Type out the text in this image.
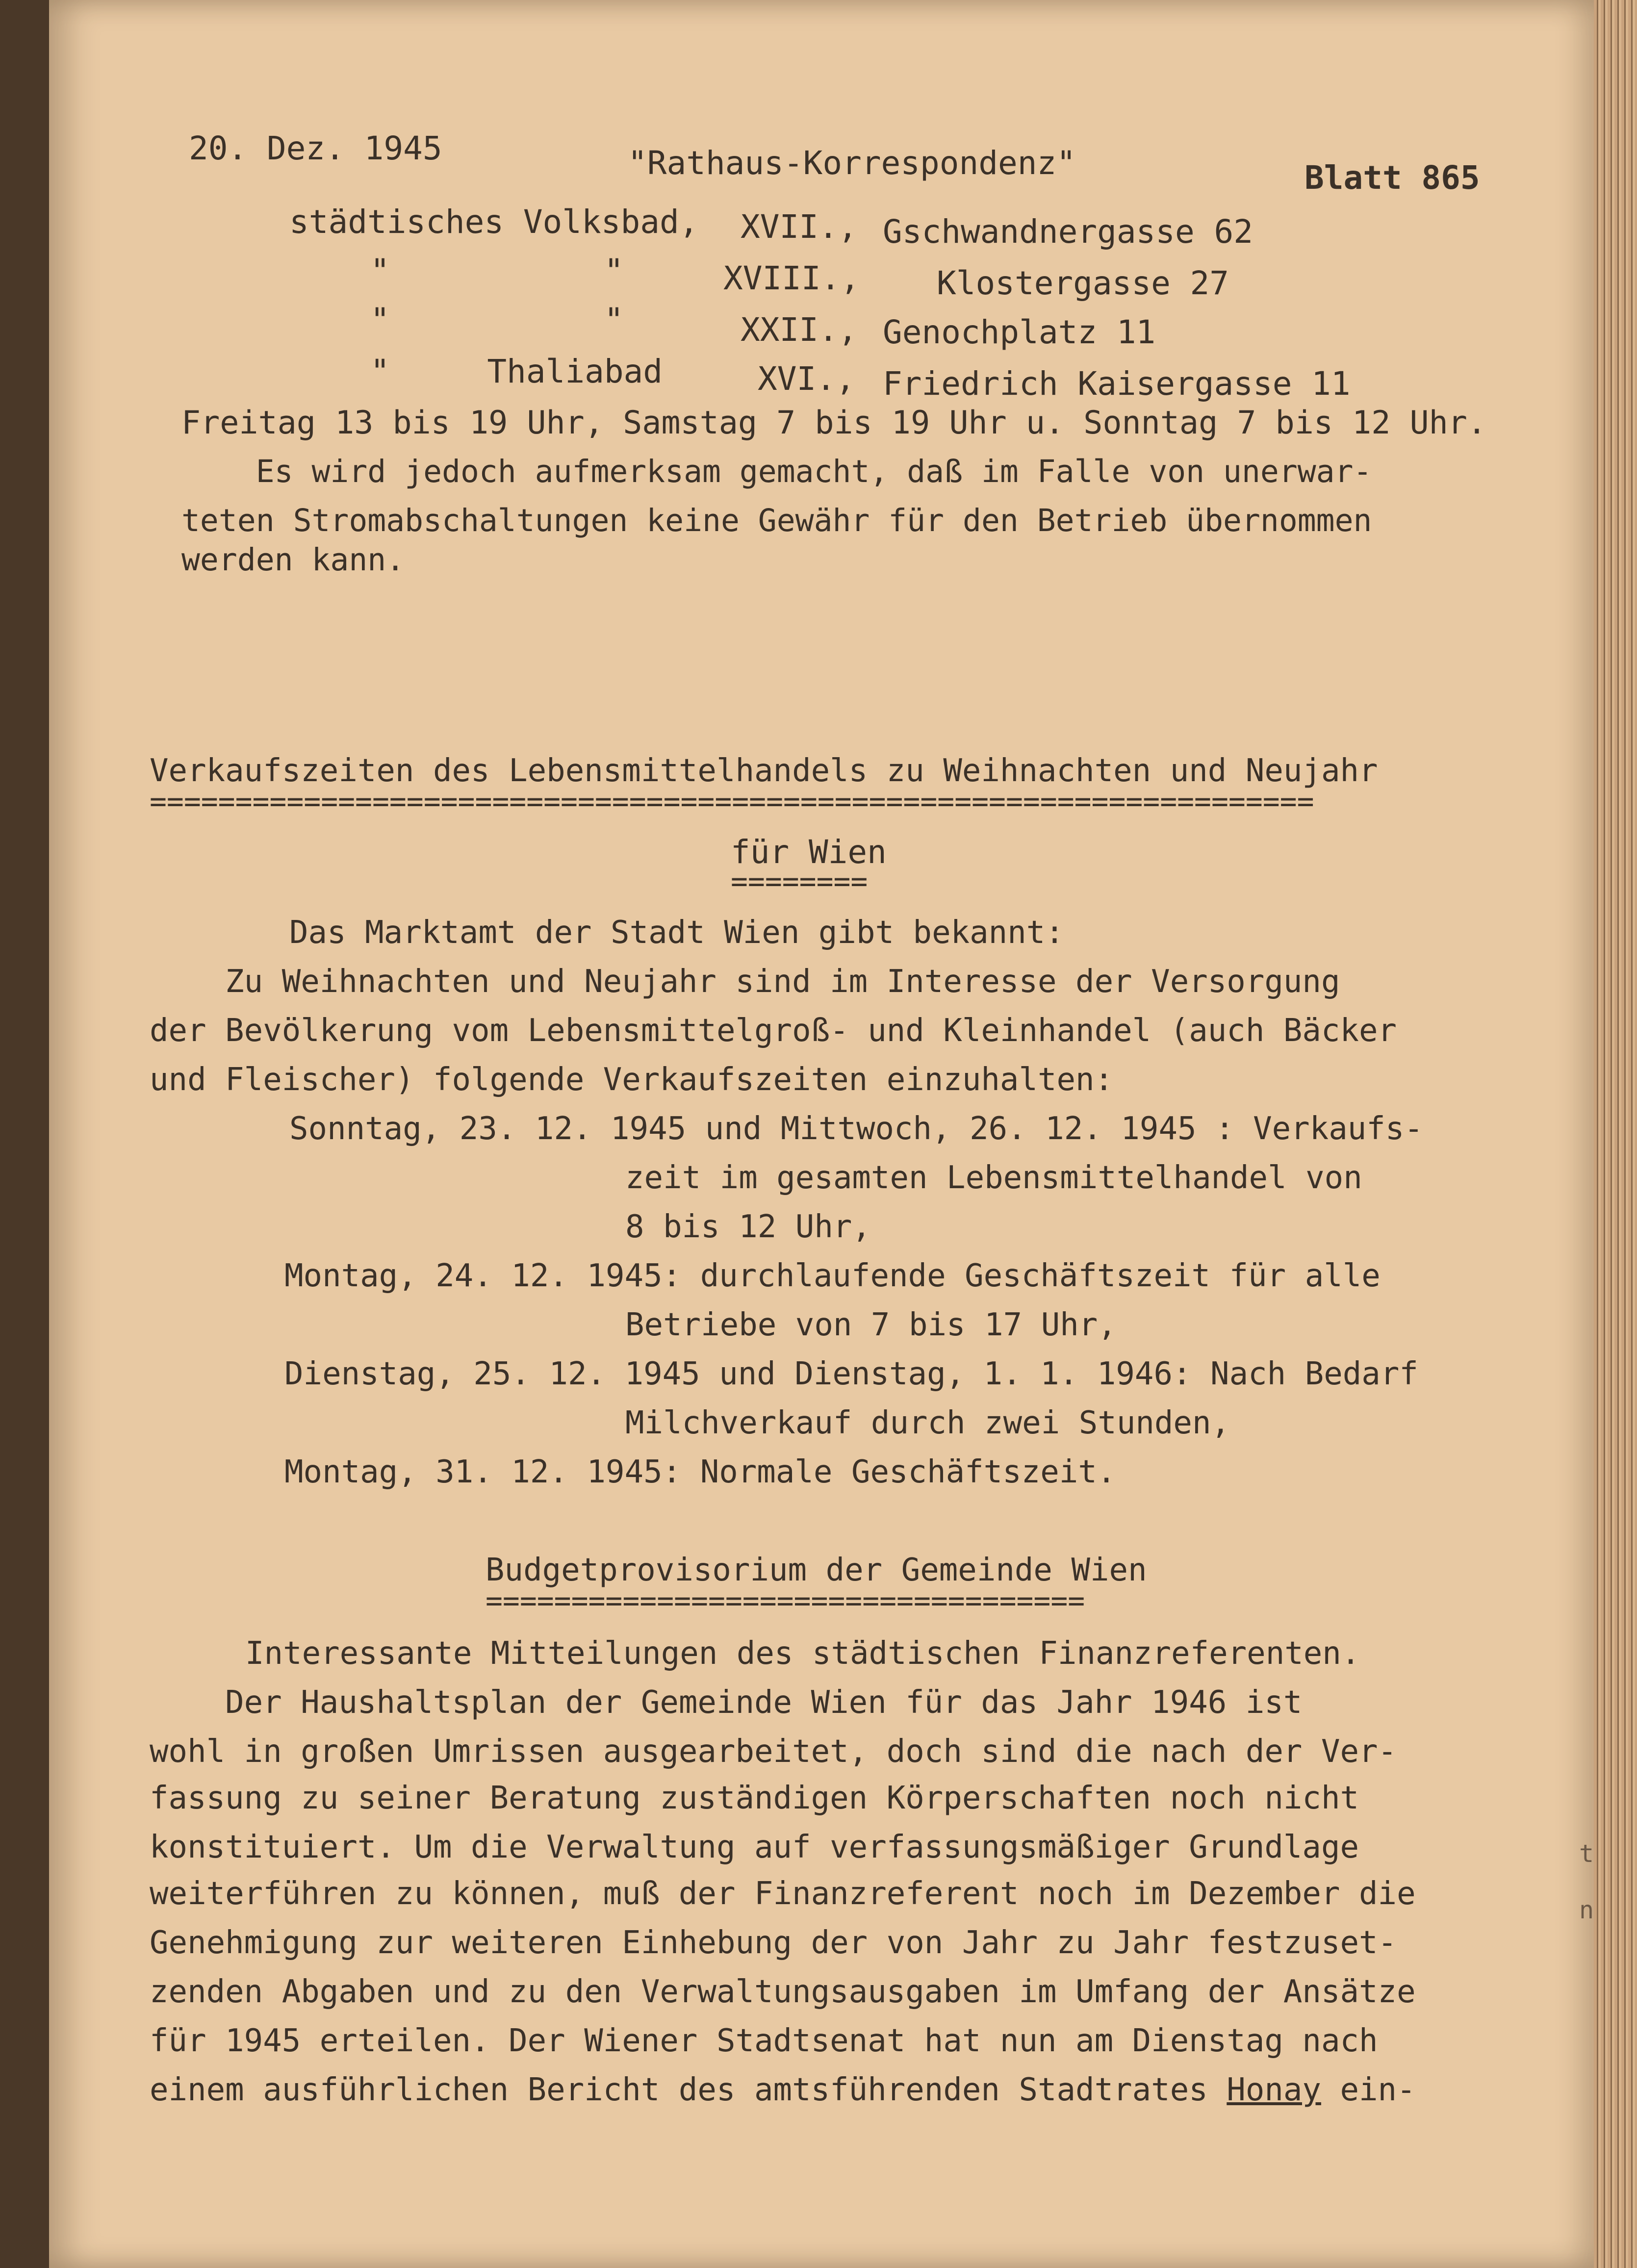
20. Dez. 1945	"Rathaus-Korrespondenz"	Blatt 865
städtisches Volksbad, XVII., Gschwandnergasse 62
"           "	XVIII., Klostergasse 27
"           "	XXII., Genochplatz 11
"     Thaliabad	XVI., Friedrich Kaisergasse 11
Freitag 13 bis 19 Uhr, Samstag 7 bis 19 Uhr u. Sonntag 7 bis 12 Uhr.
Es wird jedoch aufmerksam gemacht, daß im Falle von unerwar-
teten Stromabschaltungen keine Gewähr für den Betrieb übernommen
werden kann.
Verkaufszeiten des Lebensmittelhandels zu Weihnachten und Neujahr
====================================================================
für Wien
========
Das Marktamt der Stadt Wien gibt bekannt:
Zu Weihnachten und Neujahr sind im Interesse der Versorgung
der Bevölkerung vom Lebensmittelgroß- und Kleinhandel (auch Bäcker
und Fleischer) folgende Verkaufszeiten einzuhalten:
Sonntag, 23. 12. 1945 und Mittwoch, 26. 12. 1945 : Verkaufs-
zeit im gesamten Lebensmittelhandel von
8 bis 12 Uhr,
Montag, 24. 12. 1945: durchlaufende Geschäftszeit für alle
Betriebe von 7 bis 17 Uhr,
Dienstag, 25. 12. 1945 und Dienstag, 1. 1. 1946: Nach Bedarf
Milchverkauf durch zwei Stunden,
Montag, 31. 12. 1945: Normale Geschäftszeit.
Budgetprovisorium der Gemeinde Wien
===================================
Interessante Mitteilungen des städtischen Finanzreferenten.
Der Haushaltsplan der Gemeinde Wien für das Jahr 1946 ist
wohl in großen Umrissen ausgearbeitet, doch sind die nach der Ver-
fassung zu seiner Beratung zuständigen Körperschaften noch nicht
konstituiert. Um die Verwaltung auf verfassungsmäßiger Grundlage
weiterführen zu können, muß der Finanzreferent noch im Dezember die
Genehmigung zur weiteren Einhebung der von Jahr zu Jahr festzuset-
zenden Abgaben und zu den Verwaltungsausgaben im Umfang der Ansätze
für 1945 erteilen. Der Wiener Stadtsenat hat nun am Dienstag nach
einem ausführlichen Bericht des amtsführenden Stadtrates Honay ein-
t
n
